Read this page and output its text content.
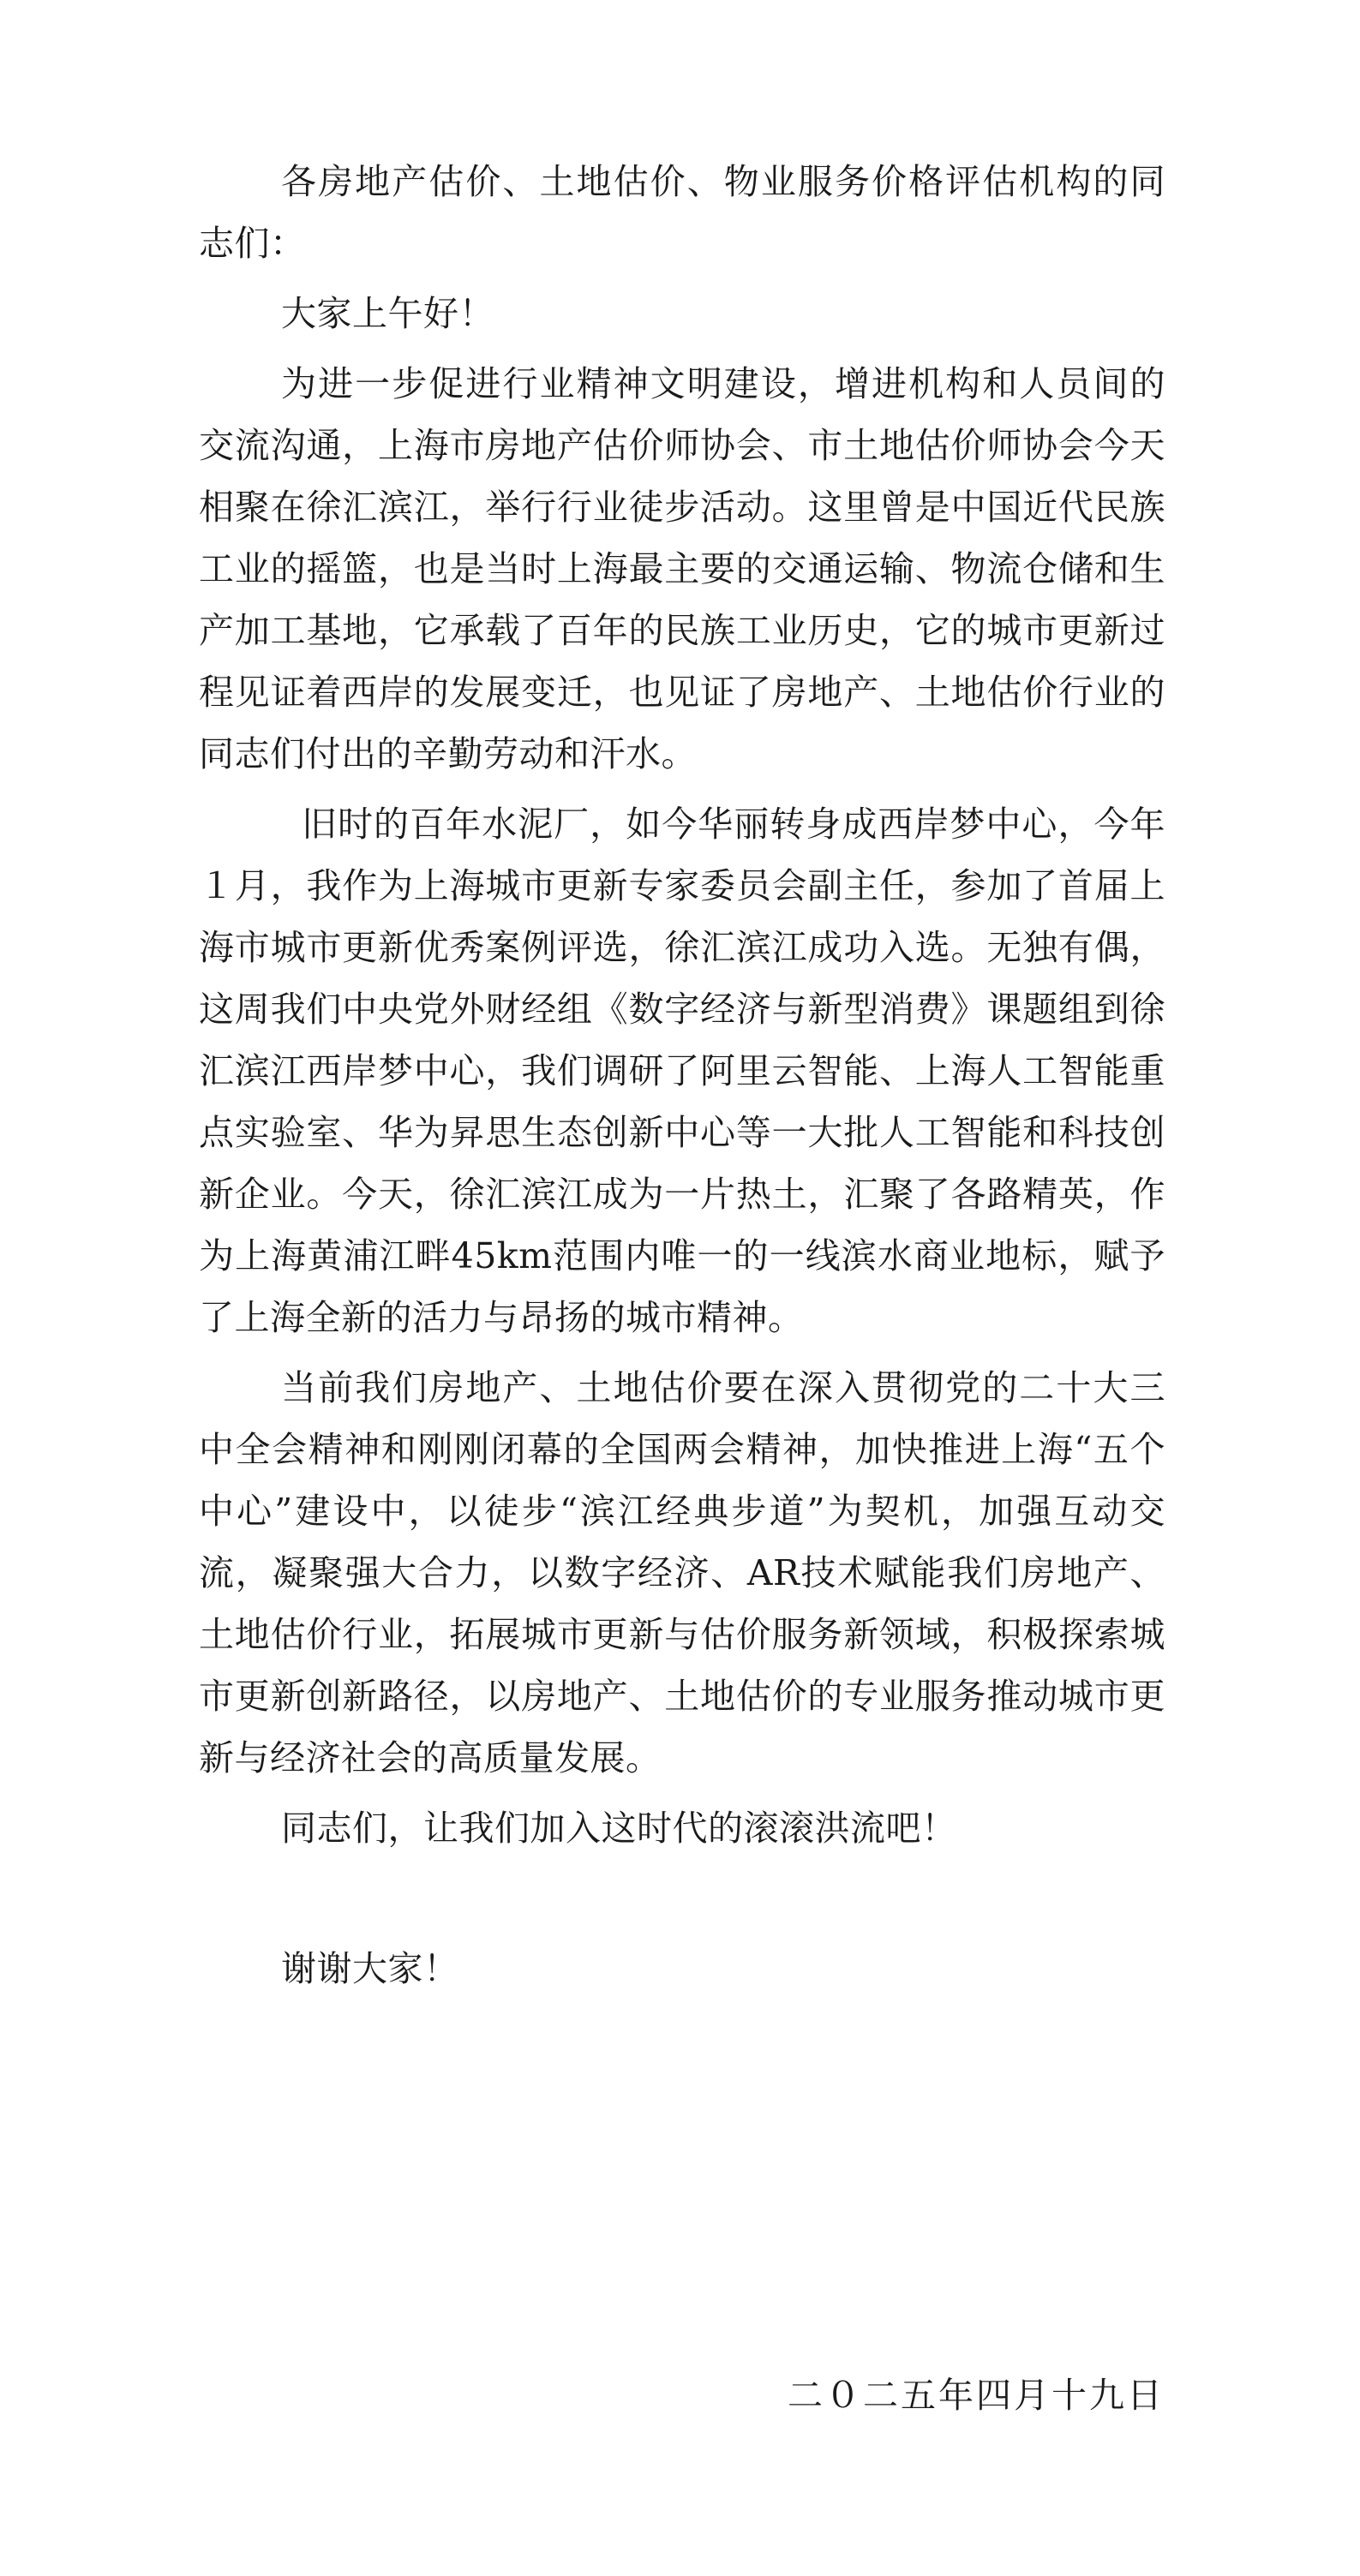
各房地产估价、土地估价、物业服务价格评估机构的同志们：

大家上午好！

为进一步促进行业精神文明建设，增进机构和人员间的交流沟通，上海市房地产估价师协会、市土地估价师协会今天相聚在徐汇滨江，举行行业徒步活动。这里曾是中国近代民族工业的摇篮，也是当时上海最主要的交通运输、物流仓储和生产加工基地，它承载了百年的民族工业历史，它的城市更新过程见证着西岸的发展变迁，也见证了房地产、土地估价行业的同志们付出的辛勤劳动和汗水。

旧时的百年水泥厂，如今华丽转身成西岸梦中心，今年１月，我作为上海城市更新专家委员会副主任，参加了首届上海市城市更新优秀案例评选，徐汇滨江成功入选。无独有偶，这周我们中央党外财经组《数字经济与新型消费》课题组到徐汇滨江西岸梦中心，我们调研了阿里云智能、上海人工智能重点实验室、华为昇思生态创新中心等一大批人工智能和科技创新企业。今天，徐汇滨江成为一片热土，汇聚了各路精英，作为上海黄浦江畔45km范围内唯一的一线滨水商业地标，赋予了上海全新的活力与昂扬的城市精神。

当前我们房地产、土地估价要在深入贯彻党的二十大三中全会精神和刚刚闭幕的全国两会精神，加快推进上海“五个中心”建设中，以徒步“滨江经典步道”为契机，加强互动交流，凝聚强大合力，以数字经济、AR技术赋能我们房地产、土地估价行业，拓展城市更新与估价服务新领域，积极探索城市更新创新路径，以房地产、土地估价的专业服务推动城市更新与经济社会的高质量发展。

同志们，让我们加入这时代的滚滚洪流吧！

谢谢大家！

二０二五年四月十九日
